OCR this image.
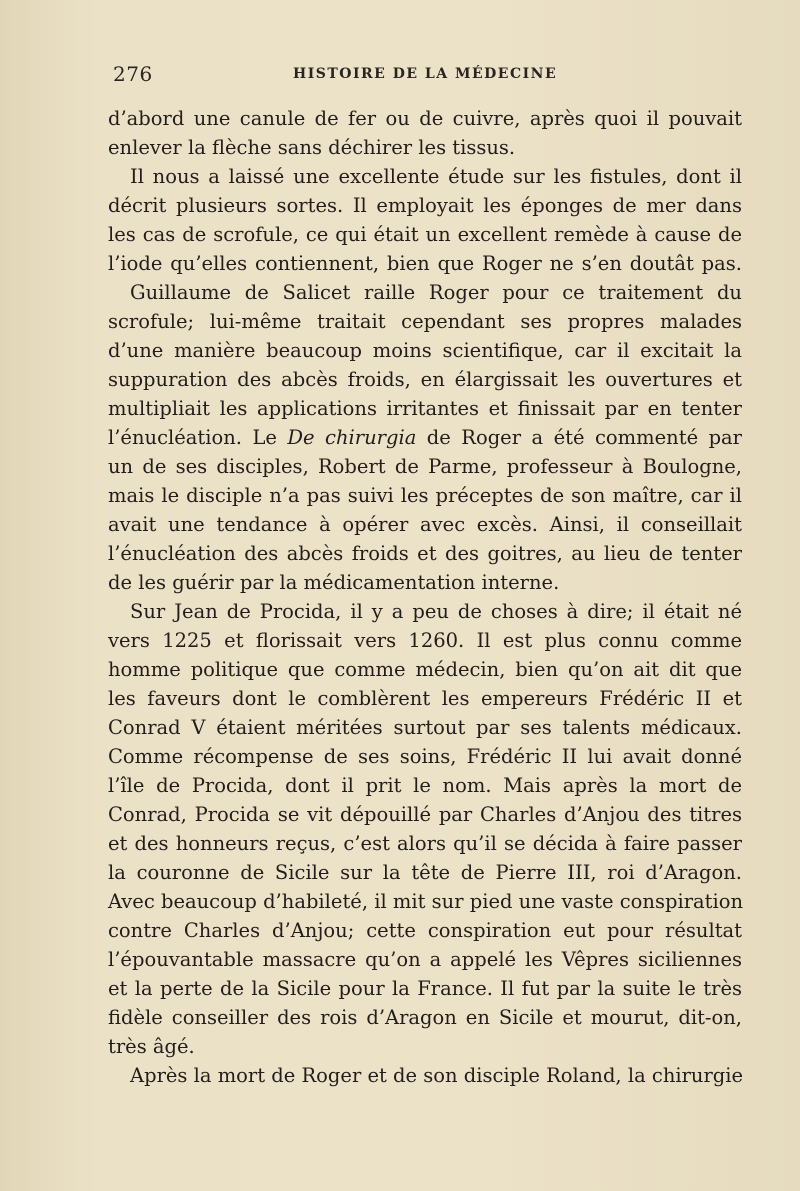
276	HISTOIRE DE LA MÉDECINE
d’abord une canule de fer ou de cuivre, après quoi il pouvait
enlever la flèche sans déchirer les tissus.
Il nous a laissé une excellente étude sur les fistules, dont il
décrit plusieurs sortes. Il employait les éponges de mer dans
les cas de scrofule, ce qui était un excellent remède à cause de
l’iode qu’elles contiennent, bien que Roger ne s’en doutât pas.
Guillaume de Salicet raille Roger pour ce traitement du
scrofule; lui-même traitait cependant ses propres malades
d’une manière beaucoup moins scientifique, car il excitait la
suppuration des abcès froids, en élargissait les ouvertures et
multipliait les applications irritantes et finissait par en tenter
l’énucléation. Le De chirurgia de Roger a été commenté par
un de ses disciples, Robert de Parme, professeur à Boulogne,
mais le disciple n’a pas suivi les préceptes de son maître, car il
avait une tendance à opérer avec excès. Ainsi, il conseillait
l’énucléation des abcès froids et des goitres, au lieu de tenter
de les guérir par la médicamentation interne.
Sur Jean de Procida, il y a peu de choses à dire; il était né
vers 1225 et florissait vers 1260. Il est plus connu comme
homme politique que comme médecin, bien qu’on ait dit que
les faveurs dont le comblèrent les empereurs Frédéric II et
Conrad V étaient méritées surtout par ses talents médicaux.
Comme récompense de ses soins, Frédéric II lui avait donné
l’île de Procida, dont il prit le nom. Mais après la mort de
Conrad, Procida se vit dépouillé par Charles d’Anjou des titres
et des honneurs reçus, c’est alors qu’il se décida à faire passer
la couronne de Sicile sur la tête de Pierre III, roi d’Aragon.
Avec beaucoup d’habileté, il mit sur pied une vaste conspiration
contre Charles d’Anjou; cette conspiration eut pour résultat
l’épouvantable massacre qu’on a appelé les Vêpres siciliennes
et la perte de la Sicile pour la France. Il fut par la suite le très
fidèle conseiller des rois d’Aragon en Sicile et mourut, dit-on,
très âgé.
Après la mort de Roger et de son disciple Roland, la chirurgie
